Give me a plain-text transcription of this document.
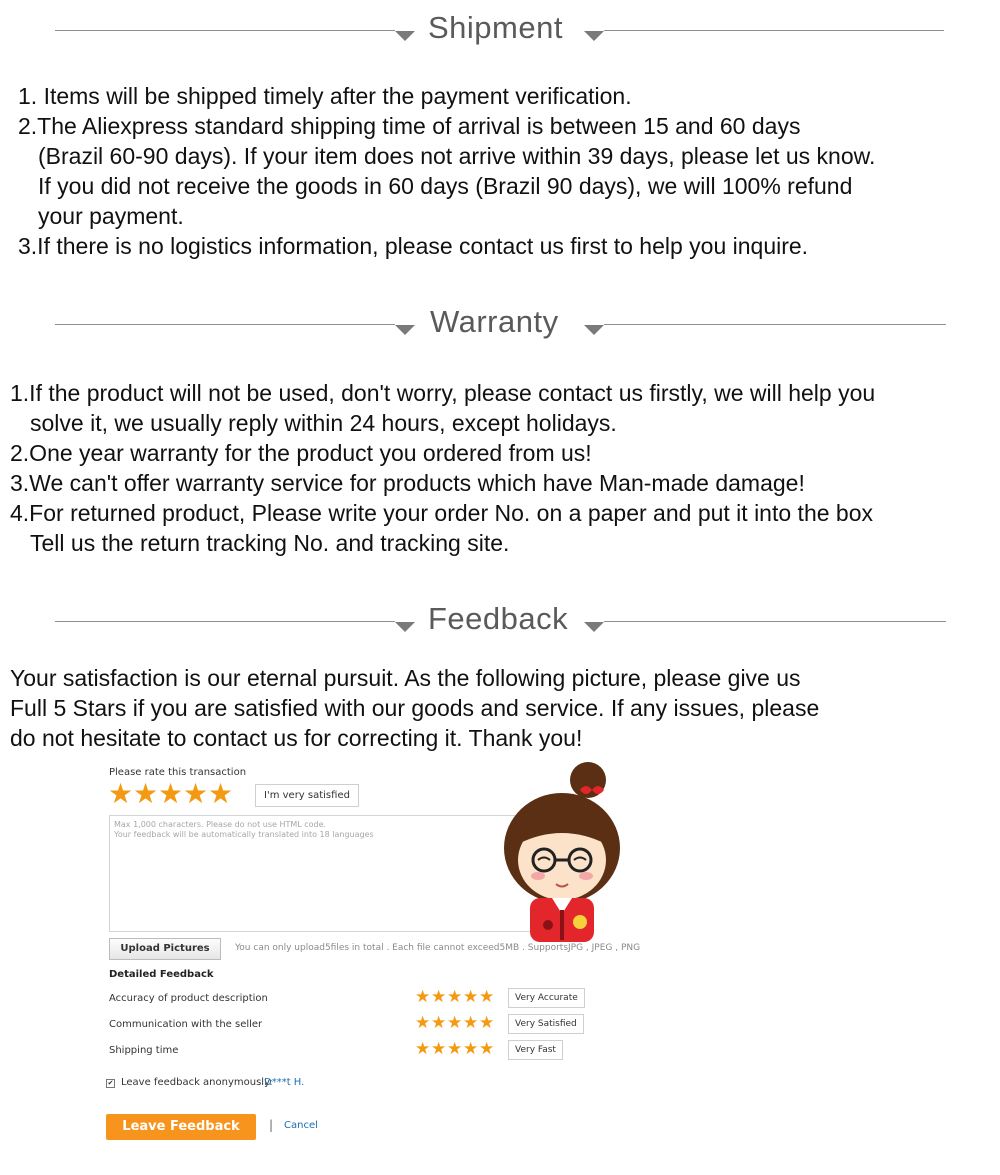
Shipment
1. Items will be shipped timely after the payment verification.
2.The Aliexpress standard shipping time of arrival is between 15 and 60 days
(Brazil 60-90 days). If your item does not arrive within 39 days, please let us know.
If you did not receive the goods in 60 days (Brazil 90 days), we will 100% refund
your payment.
3.If there is no logistics information, please contact us first to help you inquire.
Warranty
1.If the product will not be used, don't worry, please contact us firstly, we will help you
solve it, we usually reply within 24 hours, except holidays.
2.One year warranty for the product you ordered from us!
3.We can't offer warranty service for products which have Man-made damage!
4.For returned product, Please write your order No. on a paper and put it into the box
Tell us the return tracking No. and tracking site.
Feedback
Your satisfaction is our eternal pursuit. As the following picture, please give us
Full 5 Stars if you are satisfied with our goods and service. If any issues, please
do not hesitate to contact us for correcting it. Thank you!
Please rate this transaction
★ ★ ★ ★ ★	I'm very satisfied
Max 1,000 characters. Please do not use HTML code.
Your feedback will be automatically translated into 18 languages
Upload Pictures	You can only upload5files in total . Each file cannot exceed5MB . SupportsJPG , JPEG , PNG
Detailed Feedback
Accuracy of product description	★ ★ ★ ★ ★	Very Accurate
Communication with the seller	★ ★ ★ ★ ★	Very Satisfied
Shipping time	★ ★ ★ ★ ★	Very Fast
✔ Leave feedback anonymously:
D***t H.
Leave Feedback	| Cancel
